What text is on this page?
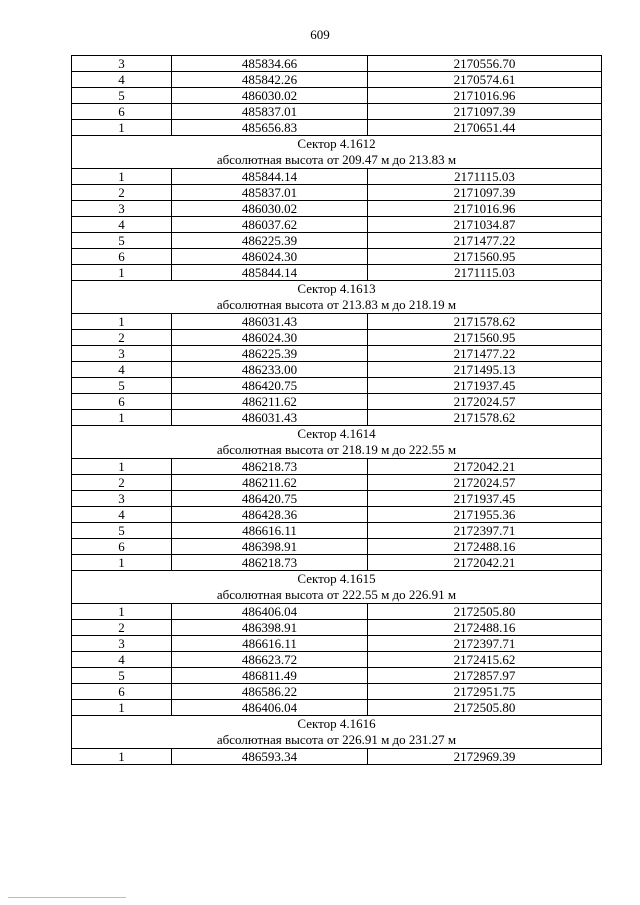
609
3	485834.66	2170556.70
4	485842.26	2170574.61
5	486030.02	2171016.96
6	485837.01	2171097.39
1	485656.83	2170651.44

Сектор 4.1612
абсолютная высота от 209.47 м до 213.83 м		

1	485844.14	2171115.03
2	485837.01	2171097.39
3	486030.02	2171016.96
4	486037.62	2171034.87
5	486225.39	2171477.22
6	486024.30	2171560.95
1	485844.14	2171115.03

Сектор 4.1613
абсолютная высота от 213.83 м до 218.19 м		

1	486031.43	2171578.62
2	486024.30	2171560.95
3	486225.39	2171477.22
4	486233.00	2171495.13
5	486420.75	2171937.45
6	486211.62	2172024.57
1	486031.43	2171578.62

Сектор 4.1614
абсолютная высота от 218.19 м до 222.55 м		

1	486218.73	2172042.21
2	486211.62	2172024.57
3	486420.75	2171937.45
4	486428.36	2171955.36
5	486616.11	2172397.71
6	486398.91	2172488.16
1	486218.73	2172042.21

Сектор 4.1615
абсолютная высота от 222.55 м до 226.91 м		

1	486406.04	2172505.80
2	486398.91	2172488.16
3	486616.11	2172397.71
4	486623.72	2172415.62
5	486811.49	2172857.97
6	486586.22	2172951.75
1	486406.04	2172505.80

Сектор 4.1616
абсолютная высота от 226.91 м до 231.27 м		

1	486593.34	2172969.39
